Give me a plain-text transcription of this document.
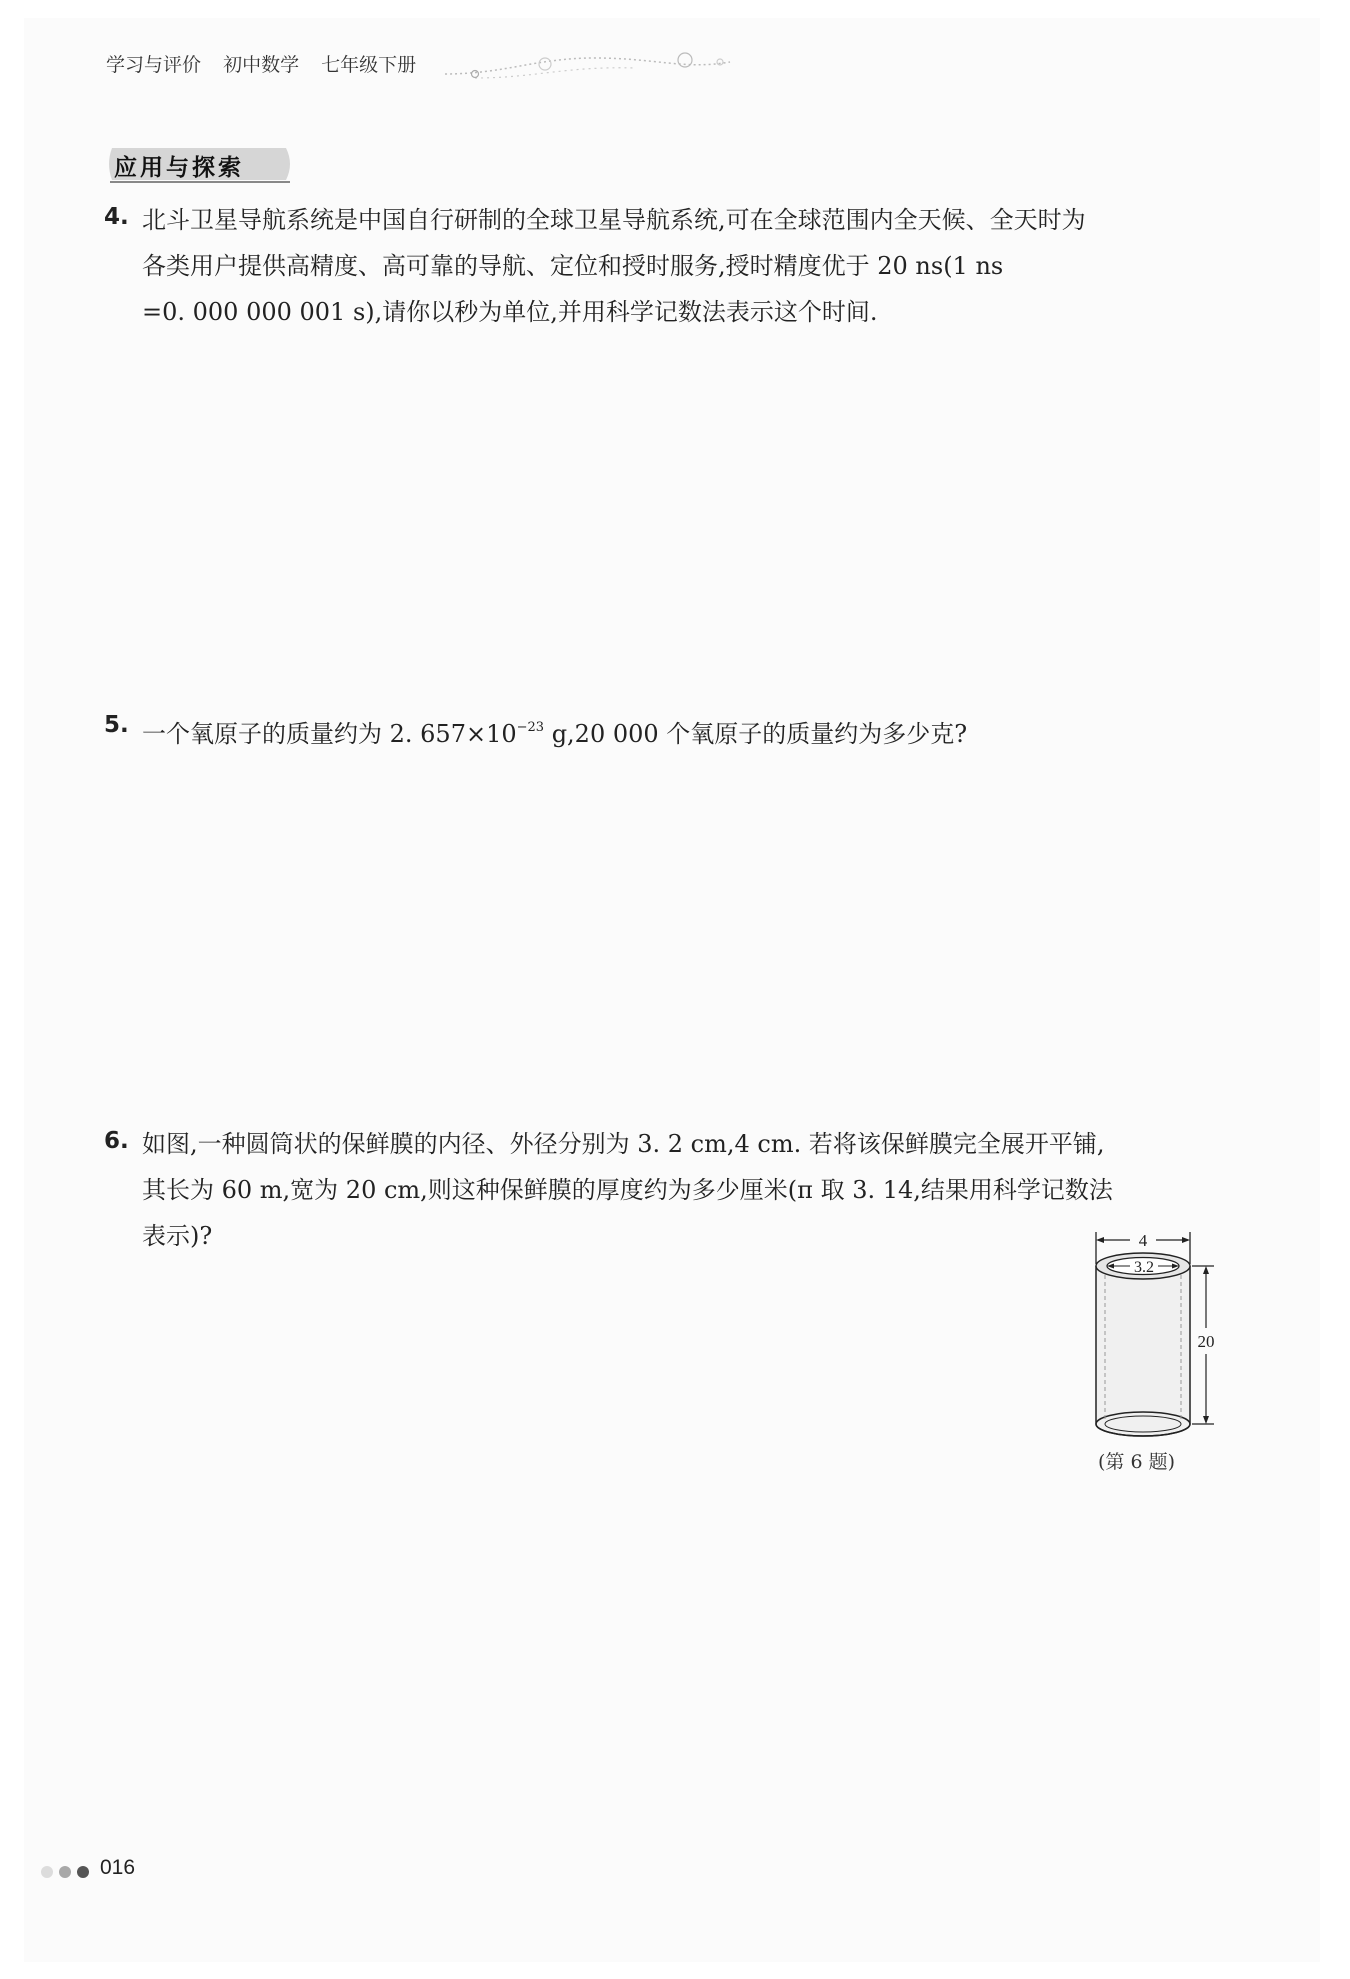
学习与评价 初中数学 七年级下册
应用与探索
4. 北斗卫星导航系统是中国自行研制的全球卫星导航系统,可在全球范围内全天候、全天时为
各类用户提供高精度、高可靠的导航、定位和授时服务,授时精度优于 20 ns(1 ns
=0. 000 000 001 s),请你以秒为单位,并用科学记数法表示这个时间.
5. 一个氧原子的质量约为 2. $657\times 10^{-23}$ g,20 000 个氧原子的质量约为多少克?
6. 如图,一种圆筒状的保鲜膜的内径、外径分别为 3. 2 cm,4 cm. 若将该保鲜膜完全展开平铺,
其长为 60 m,宽为 20 cm,则这种保鲜膜的厚度约为多少厘米(π 取 3. 14,结果用科学记数法
表示)?	4
3.2
20
(第 6 题)
016
